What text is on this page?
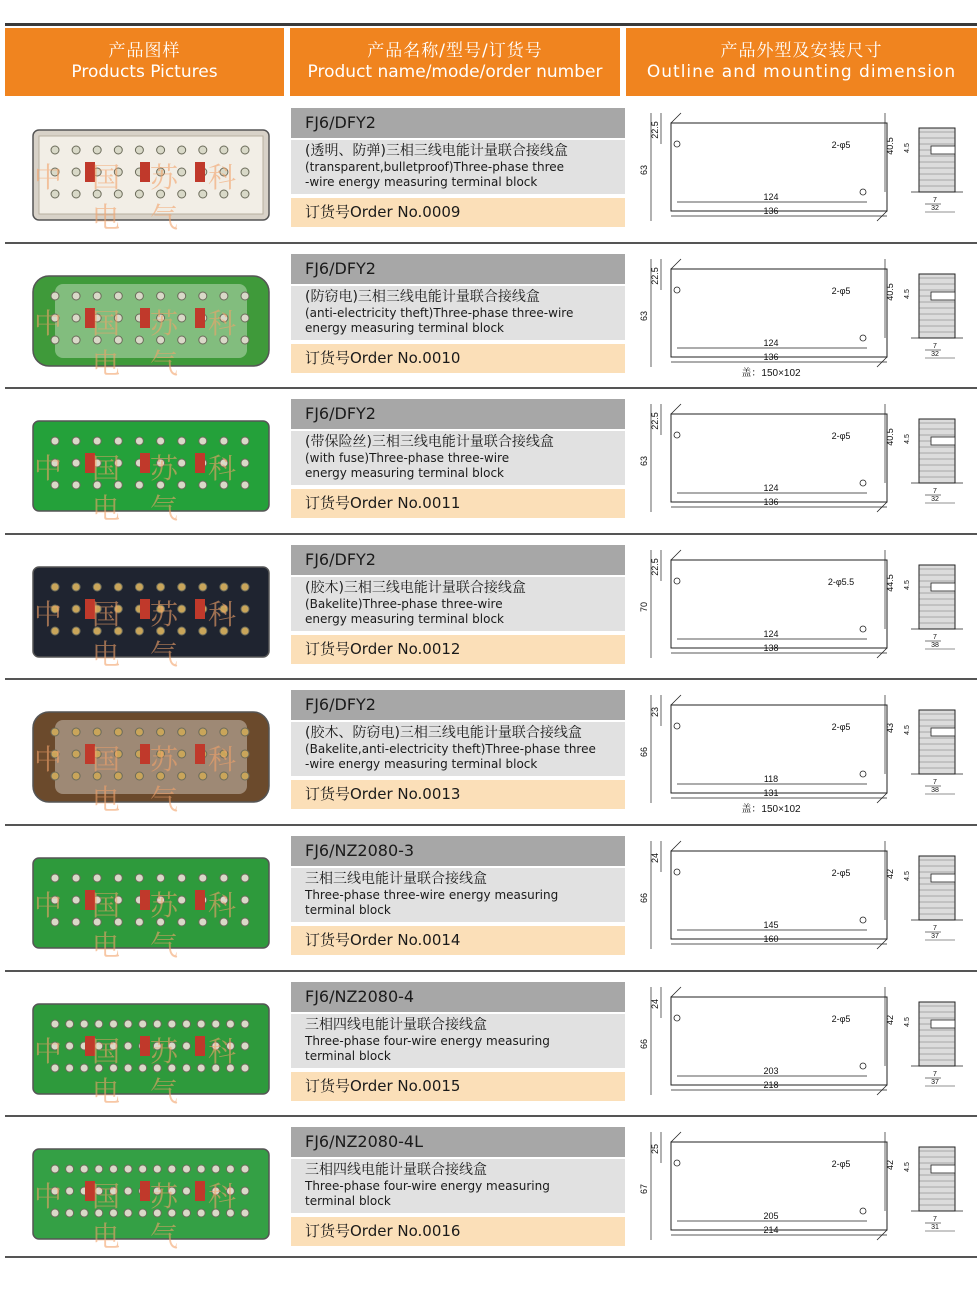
产品图样
Products Pictures
产品名称/型号/订货号
Product name/mode/order number
产品外型及安装尺寸
Outline and mounting dimension
中国苏科电气
FJ6/DFY2
(透明、防弹)三相三线电能计量联合接线盒
(transparent,bulletproof)Three-phase three
-wire energy measuring terminal block
订货号Order No.0009
63
22.5
40.5
2-φ5
124
136
4.5
7
32
中国苏科电气
FJ6/DFY2
(防窃电)三相三线电能计量联合接线盒
(anti-electricity theft)Three-phase three-wire
energy measuring terminal block
订货号Order No.0010
63
22.5
40.5
2-φ5
124
136
盖：150×102
4.5
7
32
中国苏科电气
FJ6/DFY2
(带保险丝)三相三线电能计量联合接线盒
(with fuse)Three-phase three-wire
energy measuring terminal block
订货号Order No.0011
63
22.5
40.5
2-φ5
124
136
4.5
7
32
中国苏科电气
FJ6/DFY2
(胶木)三相三线电能计量联合接线盒
(Bakelite)Three-phase three-wire
energy measuring terminal block
订货号Order No.0012
70
22.5
44.5
2-φ5.5
124
138
4.5
7
38
中国苏科电气
FJ6/DFY2
(胶木、防窃电)三相三线电能计量联合接线盒
(Bakelite,anti-electricity theft)Three-phase three
-wire energy measuring terminal block
订货号Order No.0013
66
23
43
2-φ5
118
131
盖：150×102
4.5
7
38
中国苏科电气
FJ6/NZ2080-3
三相三线电能计量联合接线盒
Three-phase three-wire energy measuring
terminal block
订货号Order No.0014
66
24
42
2-φ5
145
160
4.5
7
37
中国苏科电气
FJ6/NZ2080-4
三相四线电能计量联合接线盒
Three-phase four-wire energy measuring
terminal block
订货号Order No.0015
66
24
42
2-φ5
203
218
4.5
7
37
中国苏科电气
FJ6/NZ2080-4L
三相四线电能计量联合接线盒
Three-phase four-wire energy measuring
terminal block
订货号Order No.0016
67
25
42
2-φ5
205
214
4.5
7
31
